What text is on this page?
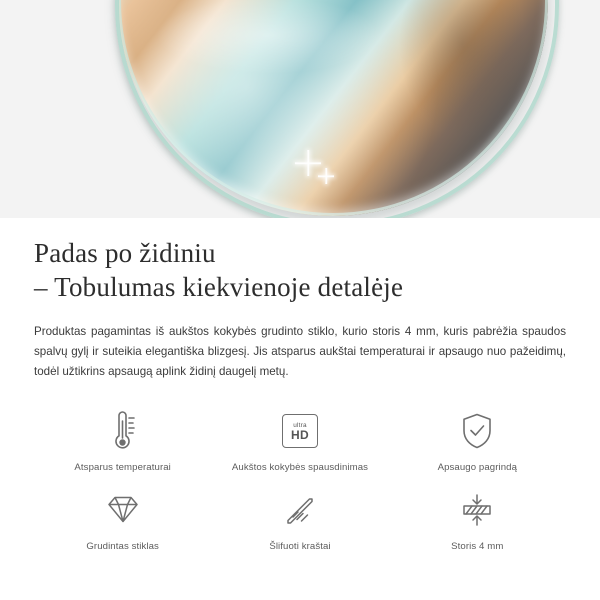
Padas po židiniu
– Tobulumas kiekvienoje detalėje

Produktas pagamintas iš aukštos kokybės grudinto stiklo, kurio storis 4 mm, kuris pabrėžia spaudos spalvų gylį ir suteikia elegantiška blizgesį. Jis atsparus aukštai temperaturai ir apsaugo nuo pažeidimų, todėl užtikrins apsaugą aplink židinį daugelį metų.

Atsparus temperaturai
ultra
HD
Aukštos kokybės spausdinimas	Apsaugo pagrindą
Grudintas stiklas	Šlifuoti kraštai	Storis 4 mm
